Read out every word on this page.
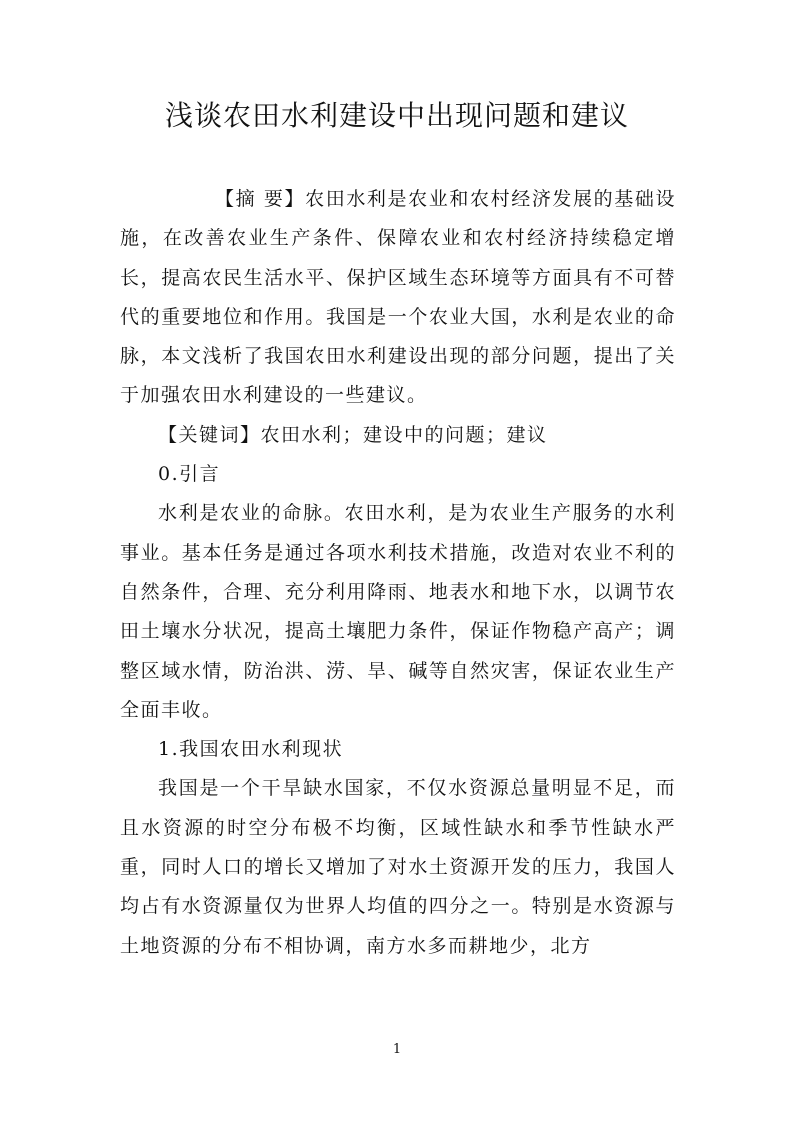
浅谈农田水利建设中出现问题和建议

【摘 要】农田水利是农业和农村经济发展的基础设施，在改善农业生产条件、保障农业和农村经济持续稳定增长，提高农民生活水平、保护区域生态环境等方面具有不可替代的重要地位和作用。我国是一个农业大国，水利是农业的命脉，本文浅析了我国农田水利建设出现的部分问题，提出了关于加强农田水利建设的一些建议。

【关键词】农田水利；建设中的问题；建议

0.引言

水利是农业的命脉。农田水利，是为农业生产服务的水利事业。基本任务是通过各项水利技术措施，改造对农业不利的自然条件，合理、充分利用降雨、地表水和地下水，以调节农田土壤水分状况，提高土壤肥力条件，保证作物稳产高产；调整区域水情，防治洪、涝、旱、碱等自然灾害，保证农业生产全面丰收。

1.我国农田水利现状

我国是一个干旱缺水国家，不仅水资源总量明显不足，而且水资源的时空分布极不均衡，区域性缺水和季节性缺水严重，同时人口的增长又增加了对水土资源开发的压力，我国人均占有水资源量仅为世界人均值的四分之一。特别是水资源与土地资源的分布不相协调，南方水多而耕地少，北方

1
